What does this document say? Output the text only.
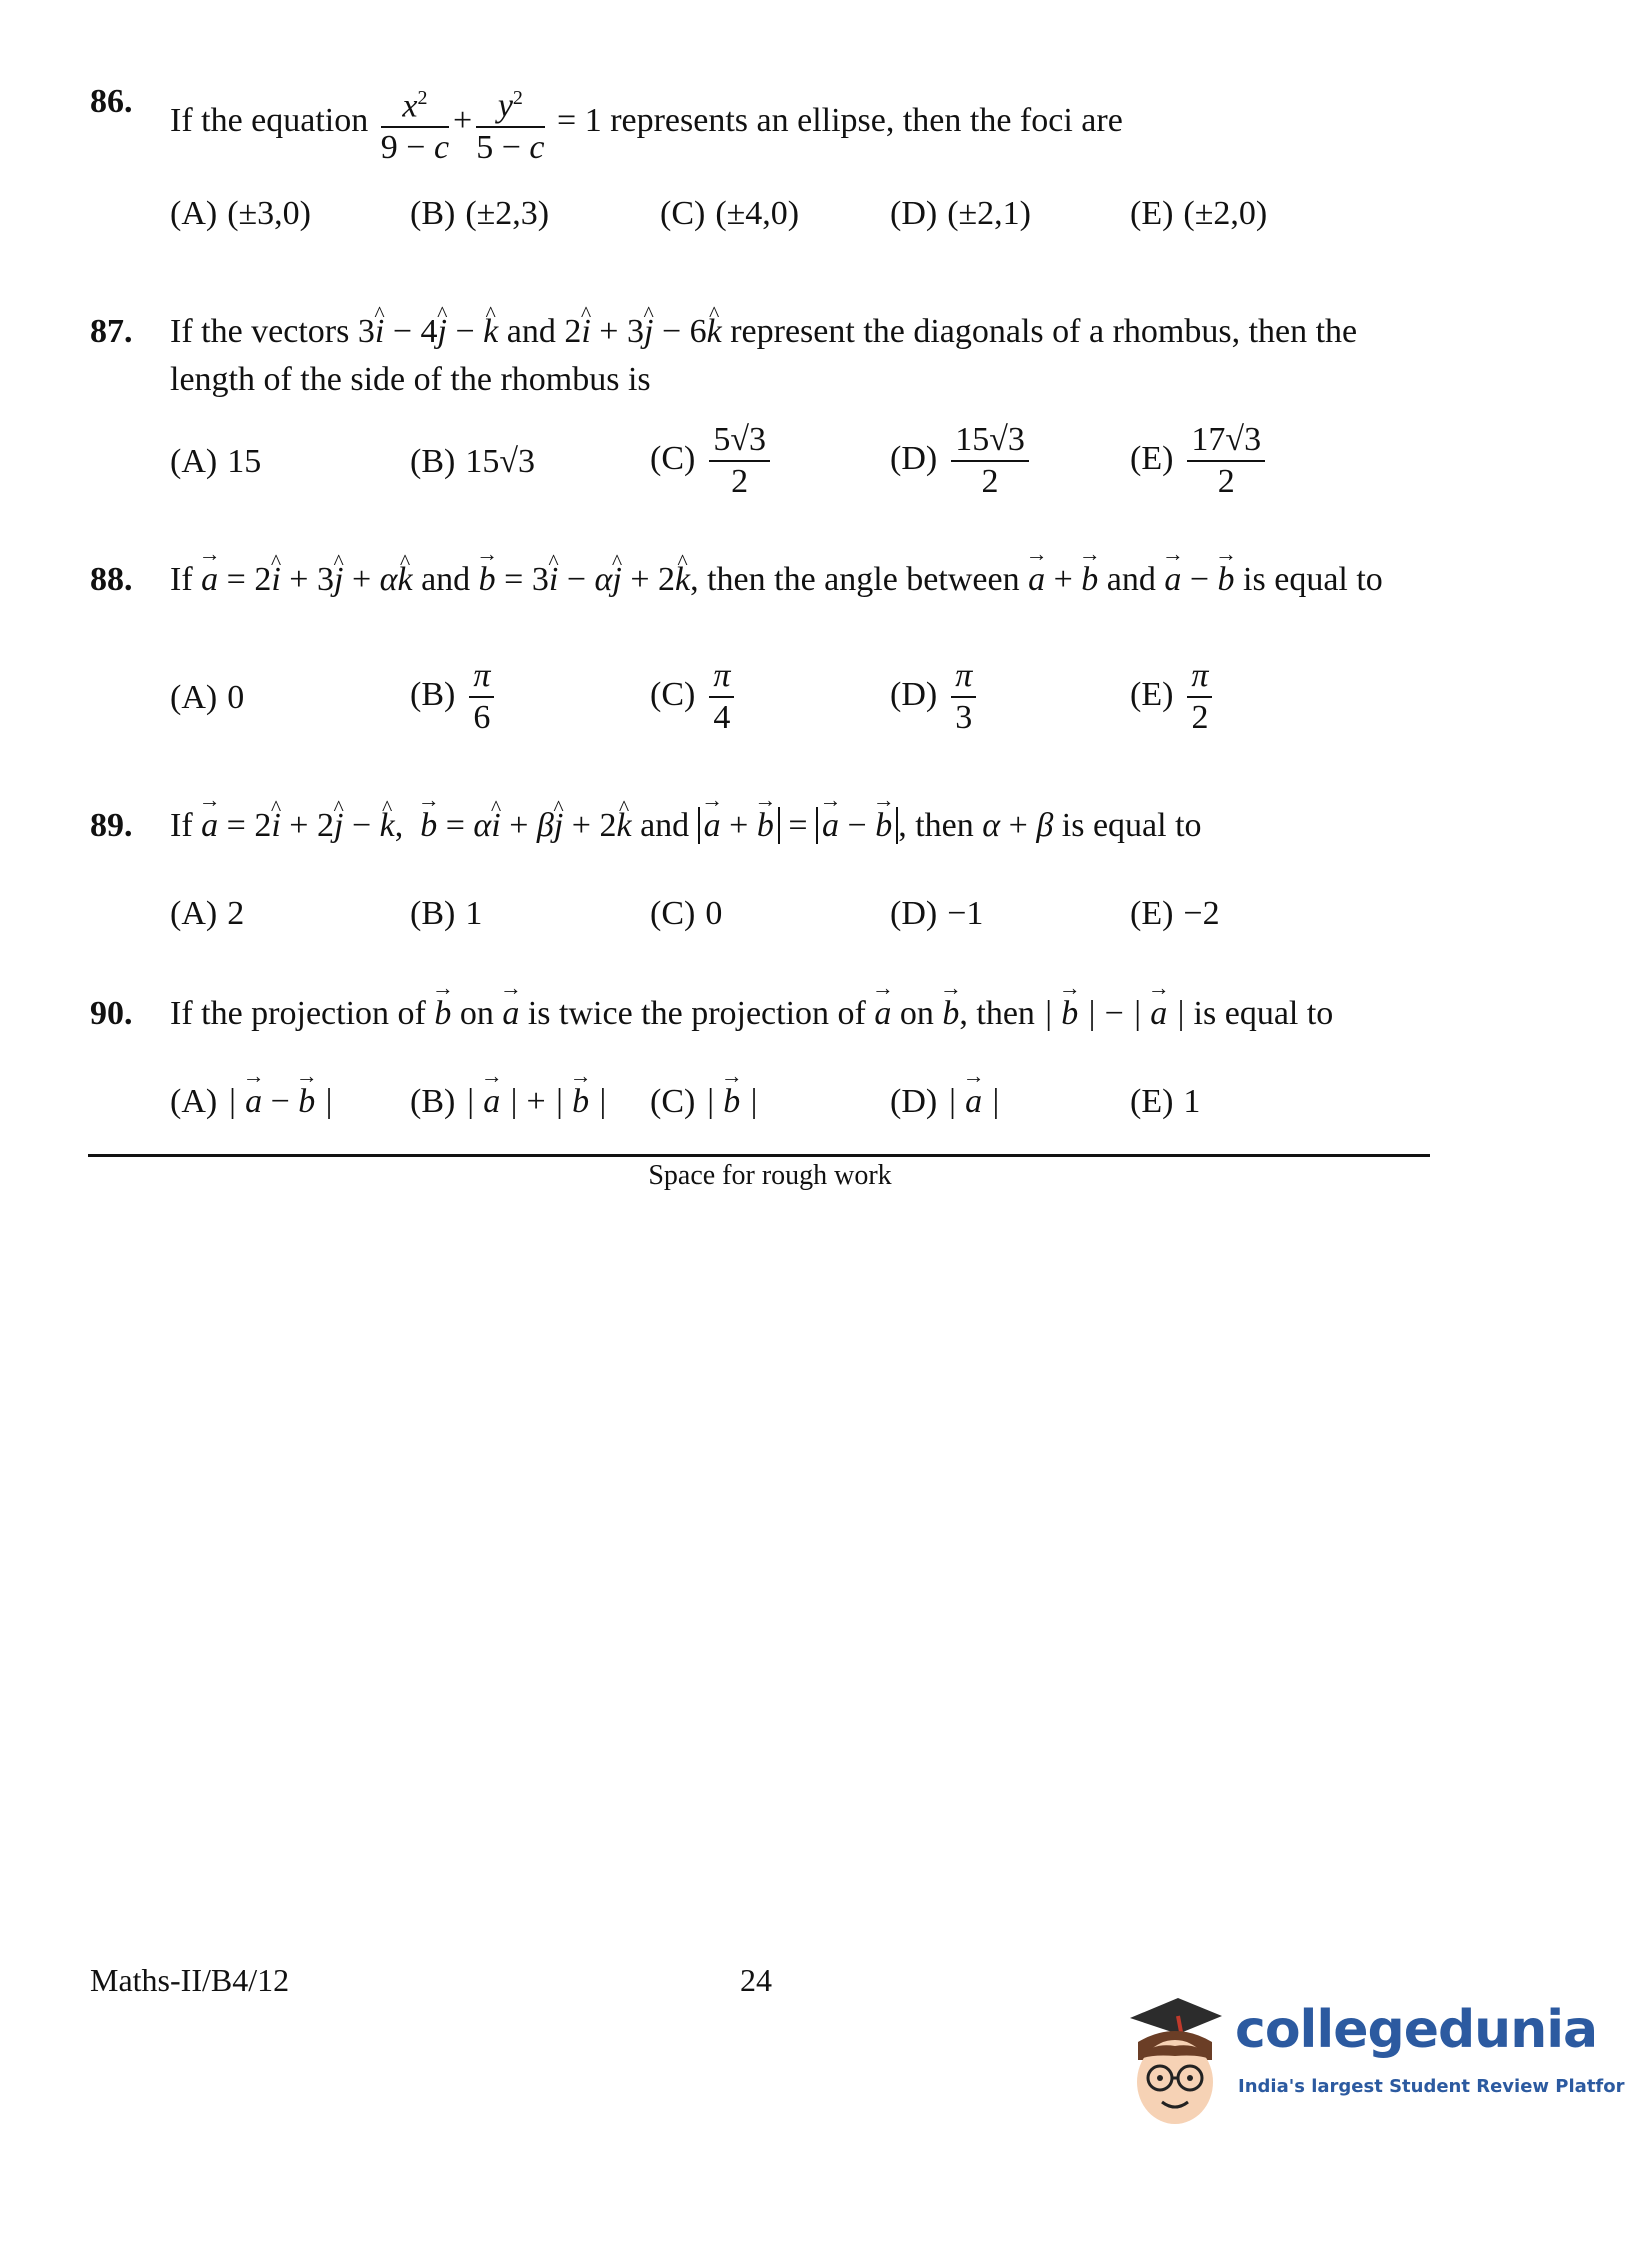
86.
If the equation $\frac{x^2}{9 - c} + \frac{y^2}{5 - c} = 1$ represents an ellipse, then the foci are
(A) (±3,0)	(B) (±2,3)	(C) (±4,0)	(D) (±2,1)	(E) (±2,0)
87. If the vectors 3i ^ − 4j ^ − k ^ and 2i ^ + 3j ^ − 6k ^ represent the diagonals of a rhombus, then the length of the side of the rhombus is
(A) 15	(B) 15√3	$(C) \frac{5√3}{2}$	$(D) \frac{15√3}{2}$	$(E) \frac{17√3}{2}$
88. If a → = 2i ^ + 3j ^ + αk ^ and b → = 3i ^ − αj ^ + 2k ^, then the angle between a → + b → and a → − b → is equal to
(A) 0	$(B) \frac{\pi}{6}$	$(C) \frac{\pi}{4}$	$(D) \frac{\pi}{3}$	$(E) \frac{\pi}{2}$
89. If a → = 2i ^ + 2j ^ − k ^, b → = αi ^ + βj ^ + 2k ^ and a → + b → = a → − b → , then α + β is equal to
(A) 2	(B) 1	(C) 0	(D) −1	(E) −2
90. If the projection of b → on a → is twice the projection of a → on b →, then | b → | − | a → | is equal to
(A) | a → − b → | (B) | a → | + | b → | (C) | b → |	(D) | a → |	(E) 1
Space for rough work
Maths-II/B4/12	24
collegedunia
India's largest Student Review Platfor
